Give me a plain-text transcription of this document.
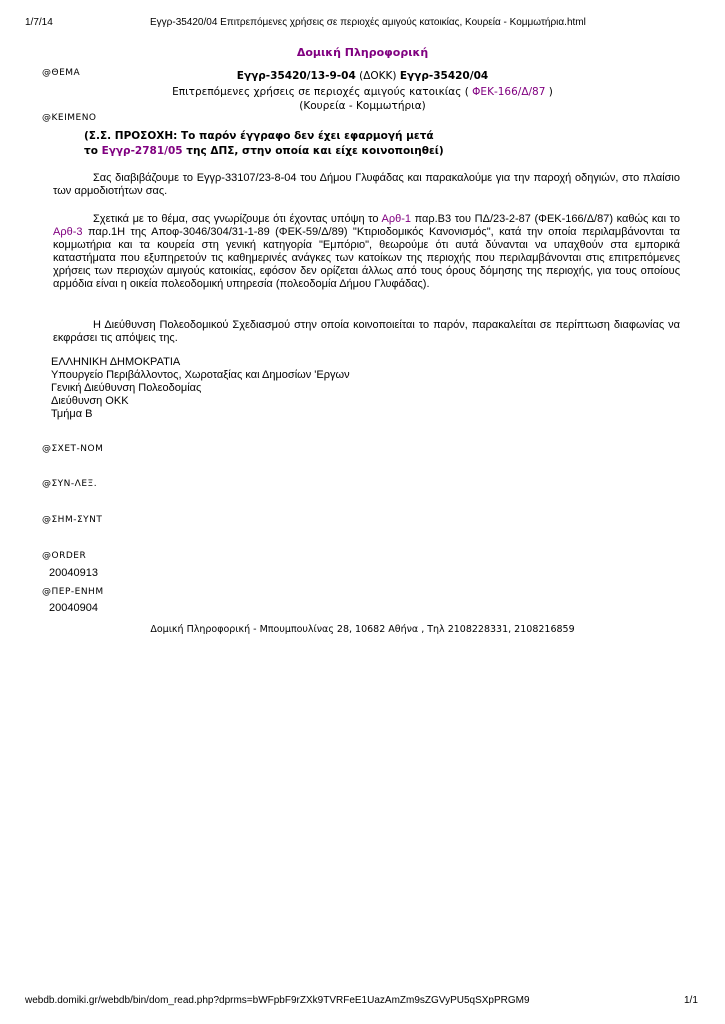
1/7/14	Εγγρ-35420/04 Επιτρεπόμενες χρήσεις σε περιοχές αμιγούς κατοικίας, Κουρεία - Κομμωτήρια.html
Δομική Πληροφορική
@ΘΕΜΑ	Εγγρ-35420/13-9-04 (ΔΟΚΚ) Εγγρ-35420/04
Επιτρεπόμενες χρήσεις σε περιοχές αμιγούς κατοικίας ( ΦΕΚ-166/Δ/87 )
(Κουρεία - Κομμωτήρια)
@ΚΕΙΜΕΝΟ
(Σ.Σ. ΠΡΟΣΟΧΗ: Το παρόν έγγραφο δεν έχει εφαρμογή μετά
το Εγγρ-2781/05 της ΔΠΣ, στην οποία και είχε κοινοποιηθεί)
Σας διαβιβάζουμε το Εγγρ-33107/23-8-04 του Δήμου Γλυφάδας και παρακαλούμε για την παροχή οδηγιών, στο πλαίσιο των αρμοδιοτήτων σας.
Σχετικά με το θέμα, σας γνωρίζουμε ότι έχοντας υπόψη το Αρθ-1 παρ.Β3 του ΠΔ/23-2-87 (ΦΕΚ-166/Δ/87) καθώς και το Αρθ-3 παρ.1Η της Αποφ-3046/304/31-1-89 (ΦΕΚ-59/Δ/89) "Κτιριοδομικός Κανονισμός", κατά την οποία περιλαμβάνονται τα κομμωτήρια και τα κουρεία στη γενική κατηγορία "Εμπόριο", θεωρούμε ότι αυτά δύνανται να υπαχθούν στα εμπορικά καταστήματα που εξυπηρετούν τις καθημερινές ανάγκες των κατοίκων της περιοχής που περιλαμβάνονται στις επιτρεπόμενες χρήσεις των περιοχών αμιγούς κατοικίας, εφόσον δεν ορίζεται άλλως από τους όρους δόμησης της περιοχής, για τους οποίους αρμόδια είναι η οικεία πολεοδομική υπηρεσία (πολεοδομία Δήμου Γλυφάδας).
Η Διεύθυνση Πολεοδομικού Σχεδιασμού στην οποία κοινοποιείται το παρόν, παρακαλείται σε περίπτωση διαφωνίας να εκφράσει τις απόψεις της.
ΕΛΛΗΝΙΚΗ ΔΗΜΟΚΡΑΤΙΑ
Υπουργείο Περιβάλλοντος, Χωροταξίας και Δημοσίων 'Εργων
Γενική Διεύθυνση Πολεοδομίας
Διεύθυνση ΟΚΚ
Τμήμα Β
@ΣΧΕΤ-ΝΟΜ
@ΣΥΝ-ΛΕΞ.
@ΣΗΜ-ΣΥΝΤ
@ORDER
20040913
@ΠΕΡ-ΕΝΗΜ
20040904
Δομική Πληροφορική - Μπουμπουλίνας 28, 10682 Αθήνα , Τηλ 2108228331, 2108216859
webdb.domiki.gr/webdb/bin/dom_read.php?dprms=bWFpbF9rZXk9TVRFeE1UazAmZm9sZGVyPU5qSXpPRGM9	1/1
